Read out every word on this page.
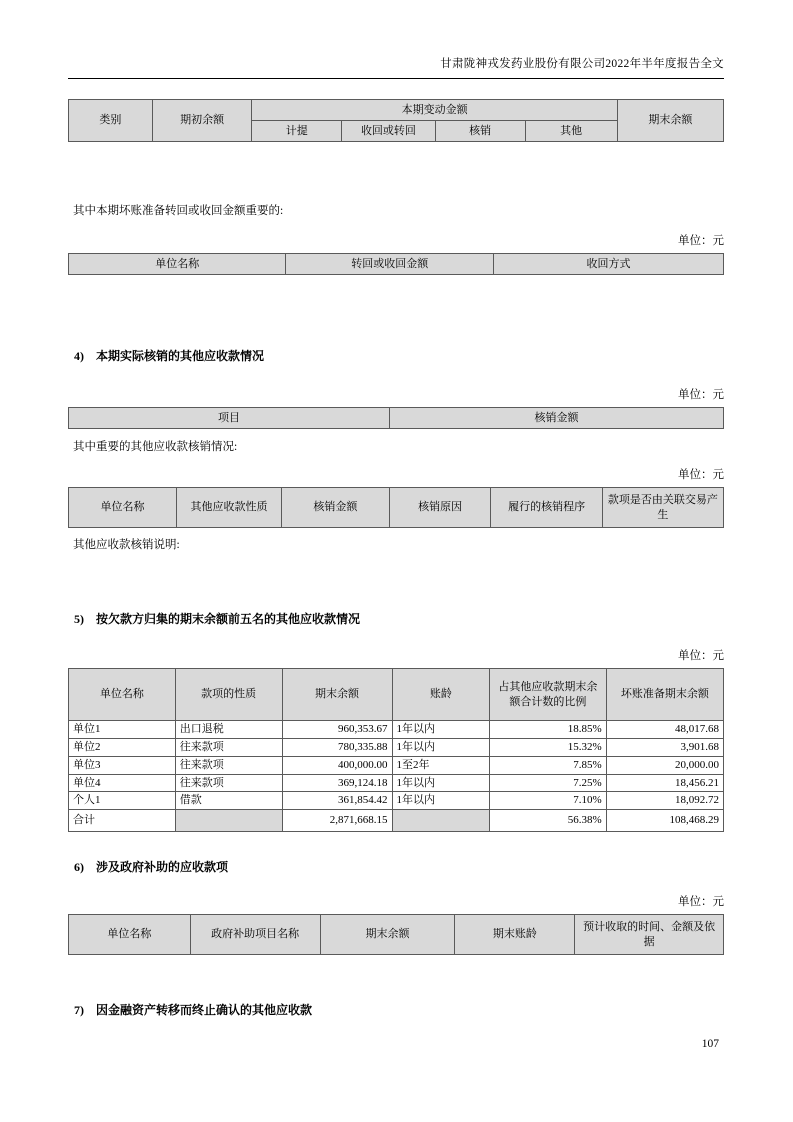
甘肃陇神戎发药业股份有限公司2022年半年度报告全文
类别	期初余额	本期变动金额				期末余额
		计提	收回或转回	核销	其他	
其中本期坏账准备转回或收回金额重要的:
单位：元
单位名称	转回或收回金额	收回方式
4) 本期实际核销的其他应收款情况
单位：元
项目	核销金额
其中重要的其他应收款核销情况:
单位：元
单位名称	其他应收款性质	核销金额	核销原因	履行的核销程序	款项是否由关联交易产生
其他应收款核销说明:
5) 按欠款方归集的期末余额前五名的其他应收款情况
单位：元
单位名称	款项的性质	期末余额	账龄	占其他应收款期末余额合计数的比例	坏账准备期末余额
单位1	出口退税	960,353.67	1年以内	18.85%	48,017.68
单位2	往来款项	780,335.88	1年以内	15.32%	3,901.68
单位3	往来款项	400,000.00	1至2年	7.85%	20,000.00
单位4	往来款项	369,124.18	1年以内	7.25%	18,456.21
个人1	借款	361,854.42	1年以内	7.10%	18,092.72
合计		2,871,668.15		56.38%	108,468.29
6) 涉及政府补助的应收款项
单位：元
单位名称	政府补助项目名称	期末余额	期末账龄	预计收取的时间、金额及依据
7) 因金融资产转移而终止确认的其他应收款
107
